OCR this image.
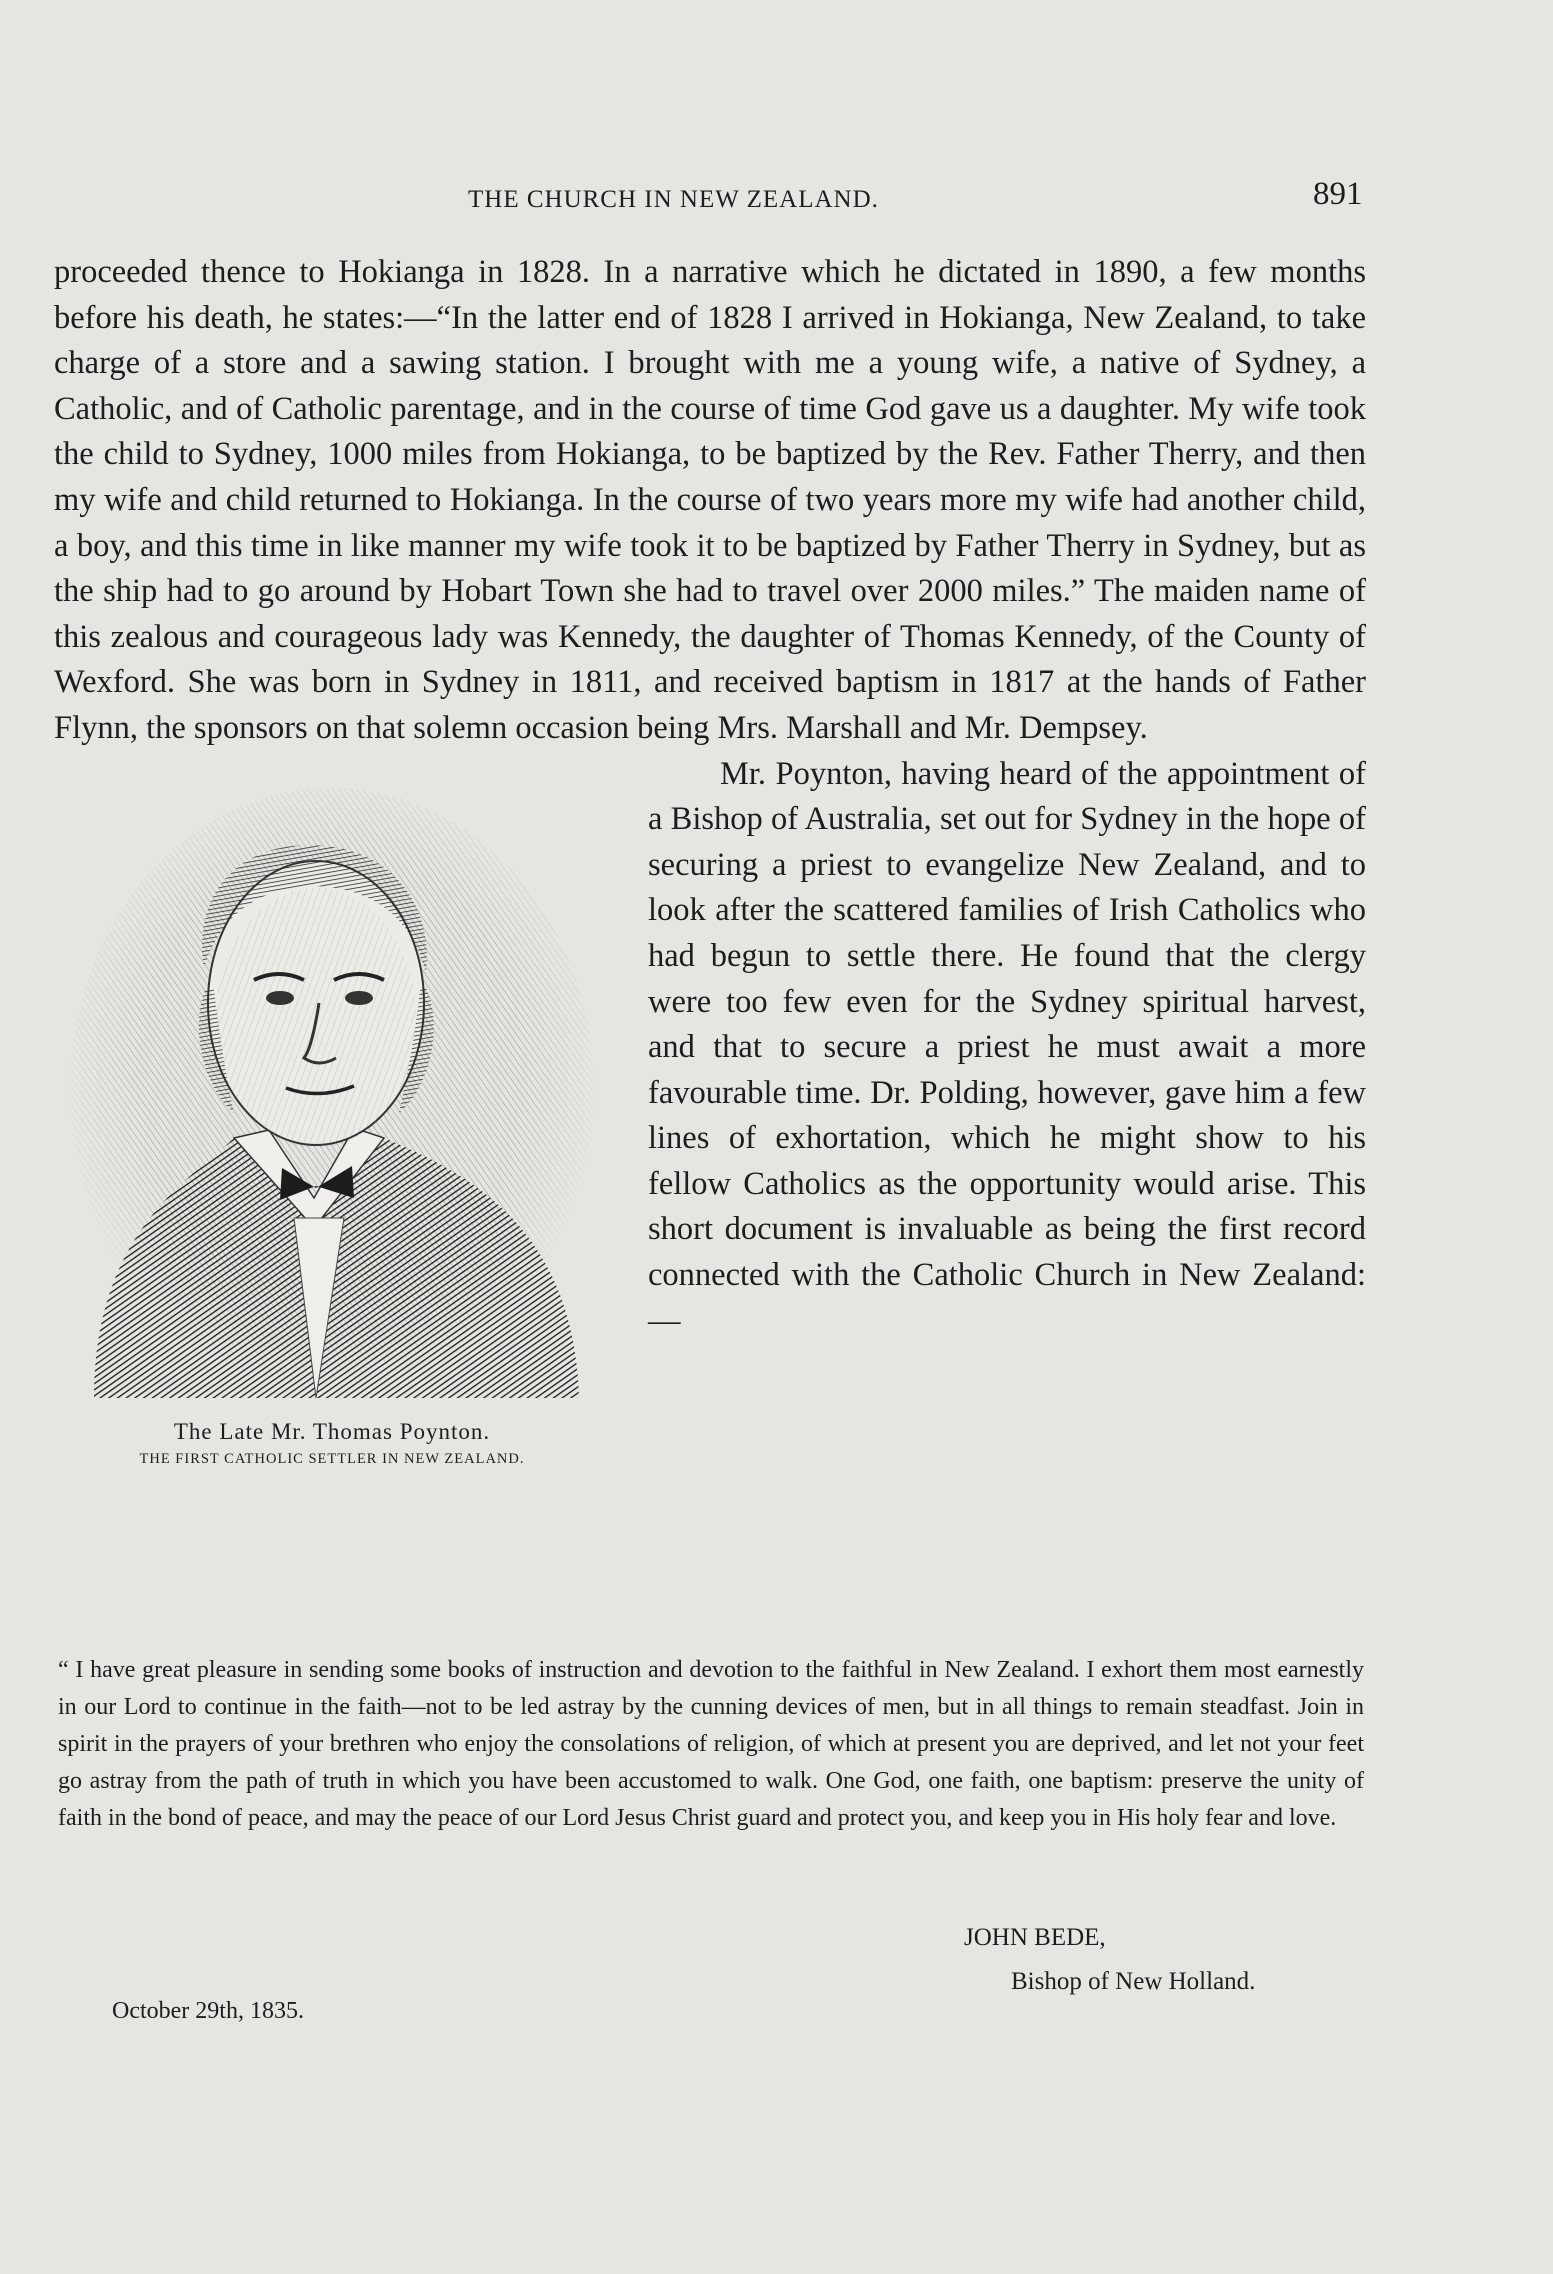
THE CHURCH IN NEW ZEALAND.	891

proceeded thence to Hokianga in 1828. In a narrative which he dictated in 1890, a few months before his death, he states:—“In the latter end of 1828 I arrived in Hokianga, New Zealand, to take charge of a store and a sawing station. I brought with me a young wife, a native of Sydney, a Catholic, and of Catholic parentage, and in the course of time God gave us a daughter. My wife took the child to Sydney, 1000 miles from Hokianga, to be baptized by the Rev. Father Therry, and then my wife and child returned to Hokianga. In the course of two years more my wife had another child, a boy, and this time in like manner my wife took it to be baptized by Father Therry in Sydney, but as the ship had to go around by Hobart Town she had to travel over 2000 miles.” The maiden name of this zealous and courageous lady was Kennedy, the daughter of Thomas Kennedy, of the County of Wexford. She was born in Sydney in 1811, and received baptism in 1817 at the hands of Father Flynn, the sponsors on that solemn occasion being Mrs. Marshall and Mr. Dempsey.

The Late Mr. Thomas Poynton.
THE FIRST CATHOLIC SETTLER IN NEW ZEALAND.

Mr. Poynton, having heard of the appointment of a Bishop of Australia, set out for Sydney in the hope of securing a priest to evangelize New Zealand, and to look after the scattered families of Irish Catholics who had begun to settle there. He found that the clergy were too few even for the Sydney spiritual harvest, and that to secure a priest he must await a more favourable time. Dr. Polding, however, gave him a few lines of exhortation, which he might show to his fellow Catholics as the opportunity would arise. This short document is invaluable as being the first record connected with the Catholic Church in New Zealand:—

“ I have great pleasure in sending some books of instruction and devotion to the faithful in New Zealand. I exhort them most earnestly in our Lord to continue in the faith—not to be led astray by the cunning devices of men, but in all things to remain steadfast. Join in spirit in the prayers of your brethren who enjoy the consolations of religion, of which at present you are deprived, and let not your feet go astray from the path of truth in which you have been accustomed to walk. One God, one faith, one baptism: preserve the unity of faith in the bond of peace, and may the peace of our Lord Jesus Christ guard and protect you, and keep you in His holy fear and love.

JOHN BEDE,
Bishop of New Holland.
October 29th, 1835.
